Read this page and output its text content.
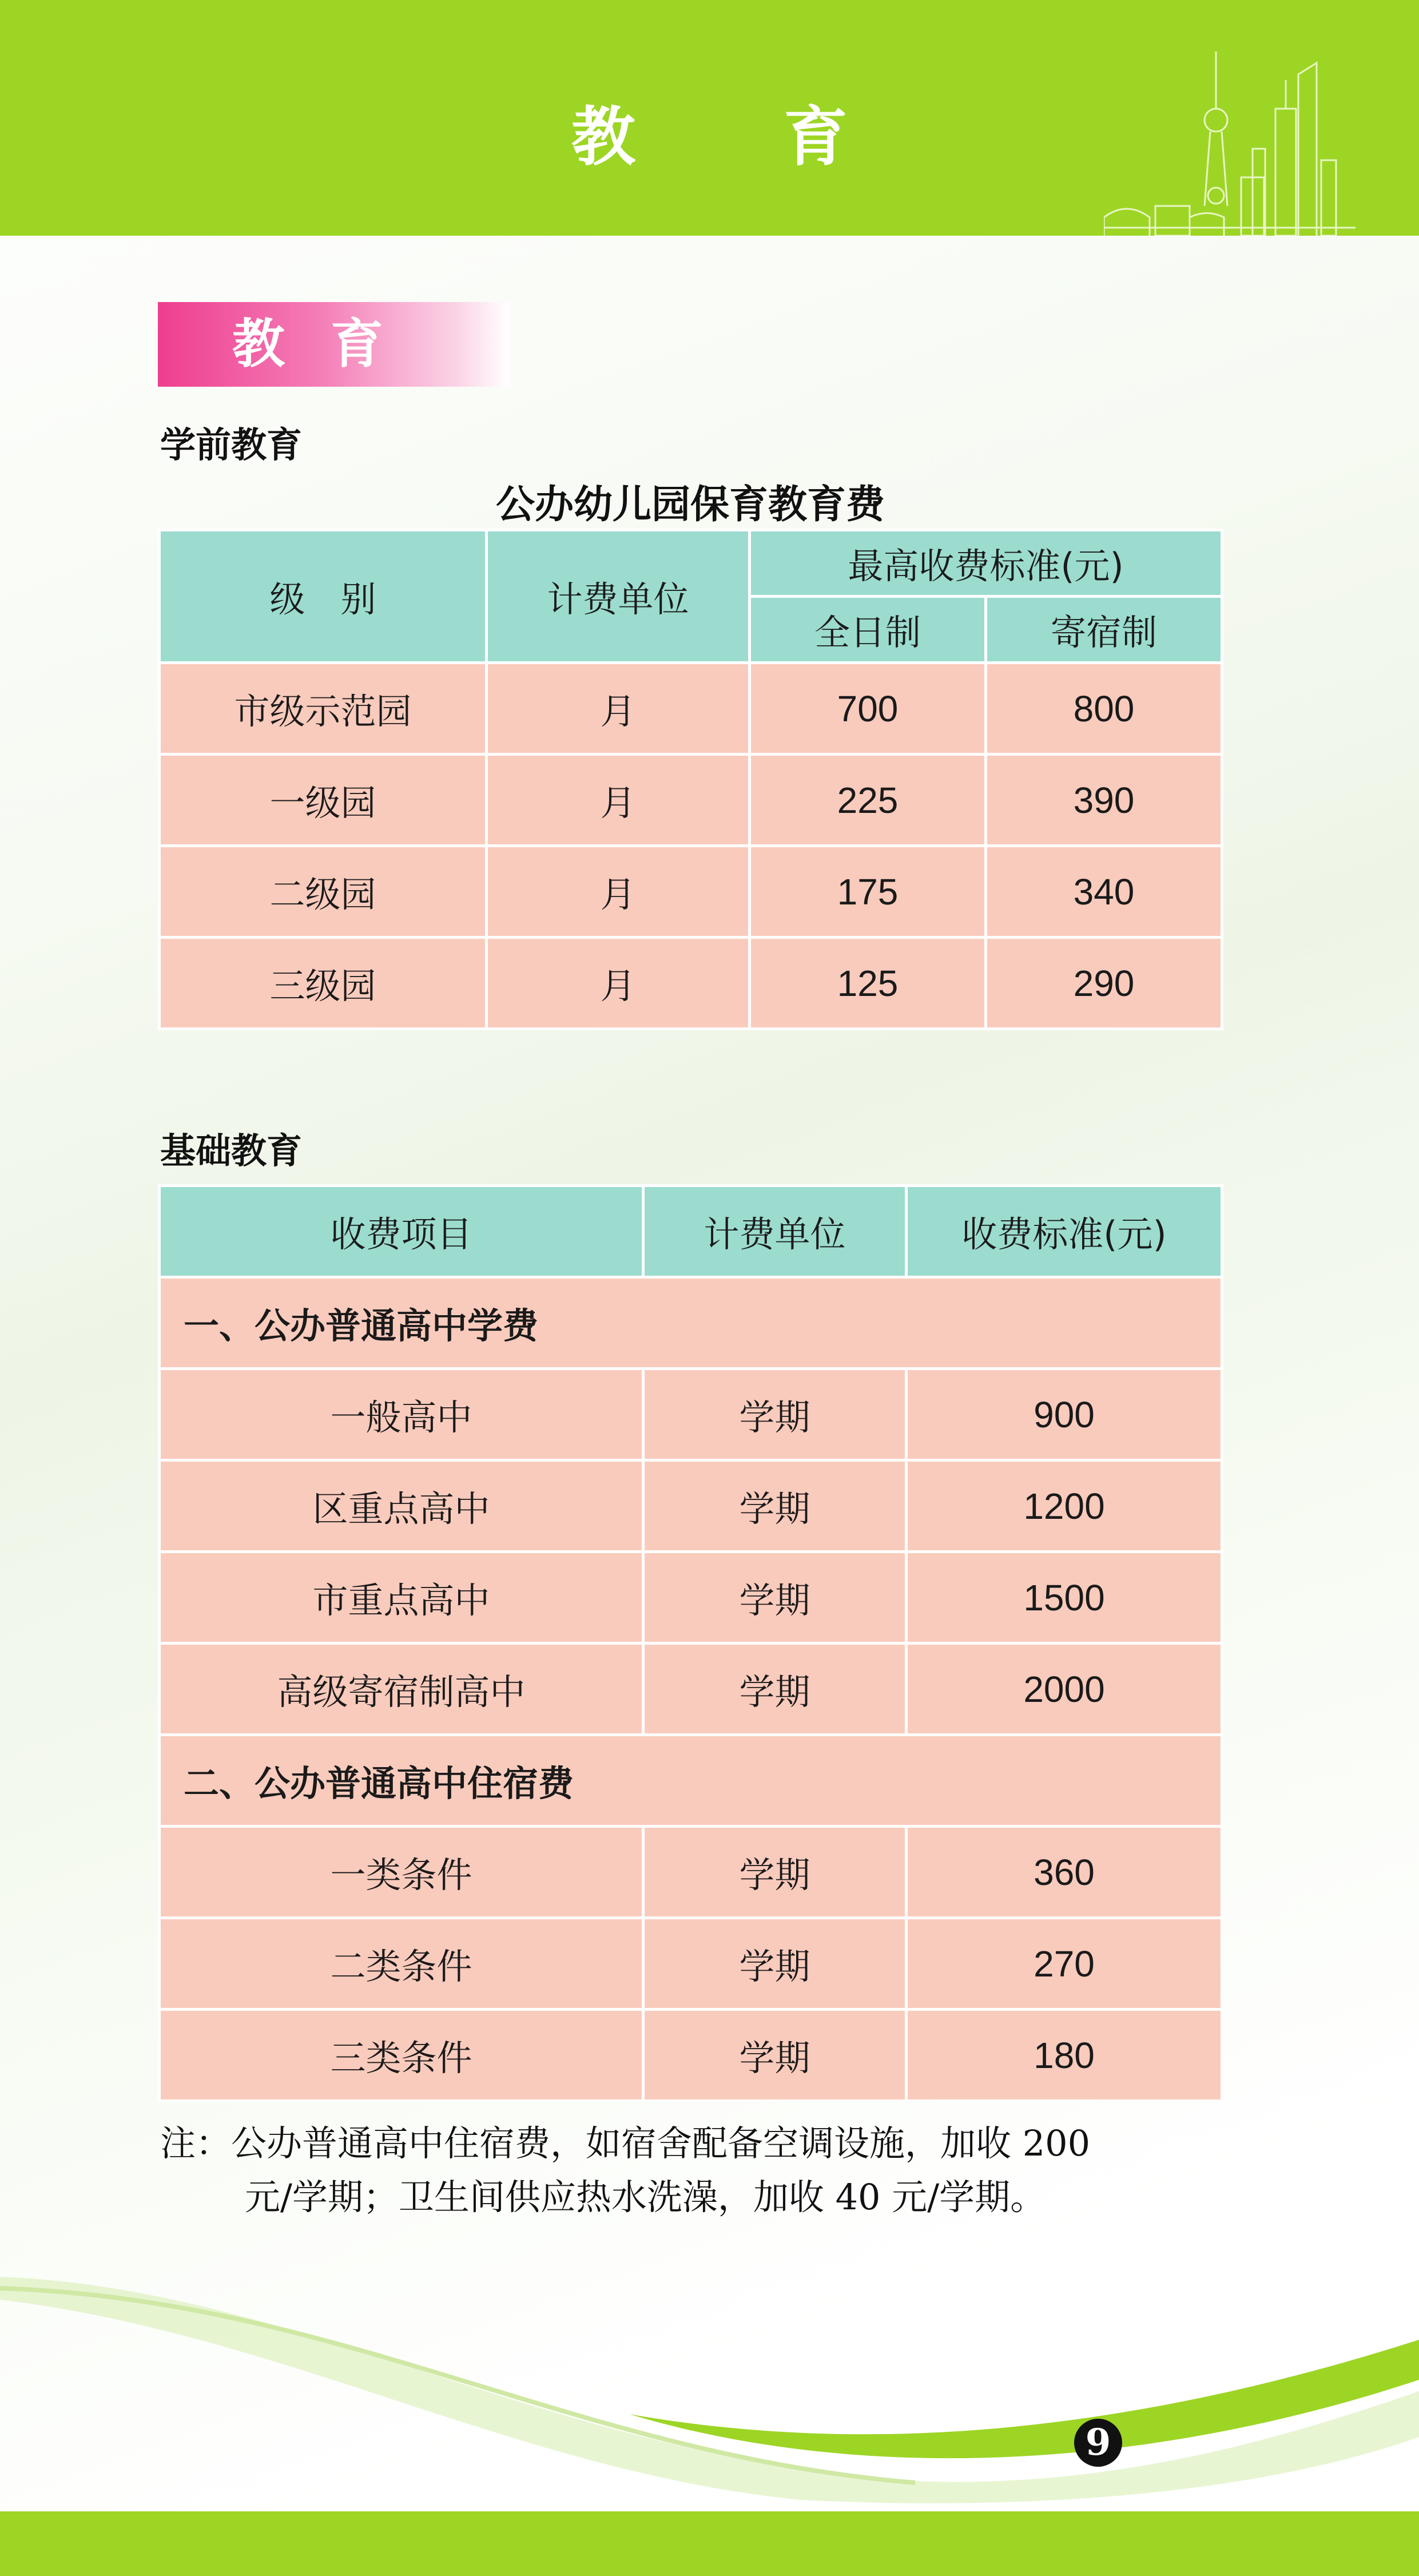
教 育
教育
学前教育
公办幼儿园保育教育费
级　别	计费单位	最高收费标准(元)	
		全日制	寄宿制
市级示范园	月	700	800
一级园	月	225	390
二级园	月	175	340
三级园	月	125	290
基础教育
收费项目	计费单位	收费标准(元)
一、公办普通高中学费		
一般高中	学期	900
区重点高中	学期	1200
市重点高中	学期	1500
高级寄宿制高中	学期	2000
二、公办普通高中住宿费		
一类条件	学期	360
二类条件	学期	270
三类条件	学期	180
注：公办普通高中住宿费，如宿舍配备空调设施，加收 200
元/学期；卫生间供应热水洗澡，加收 40 元/学期。
9
